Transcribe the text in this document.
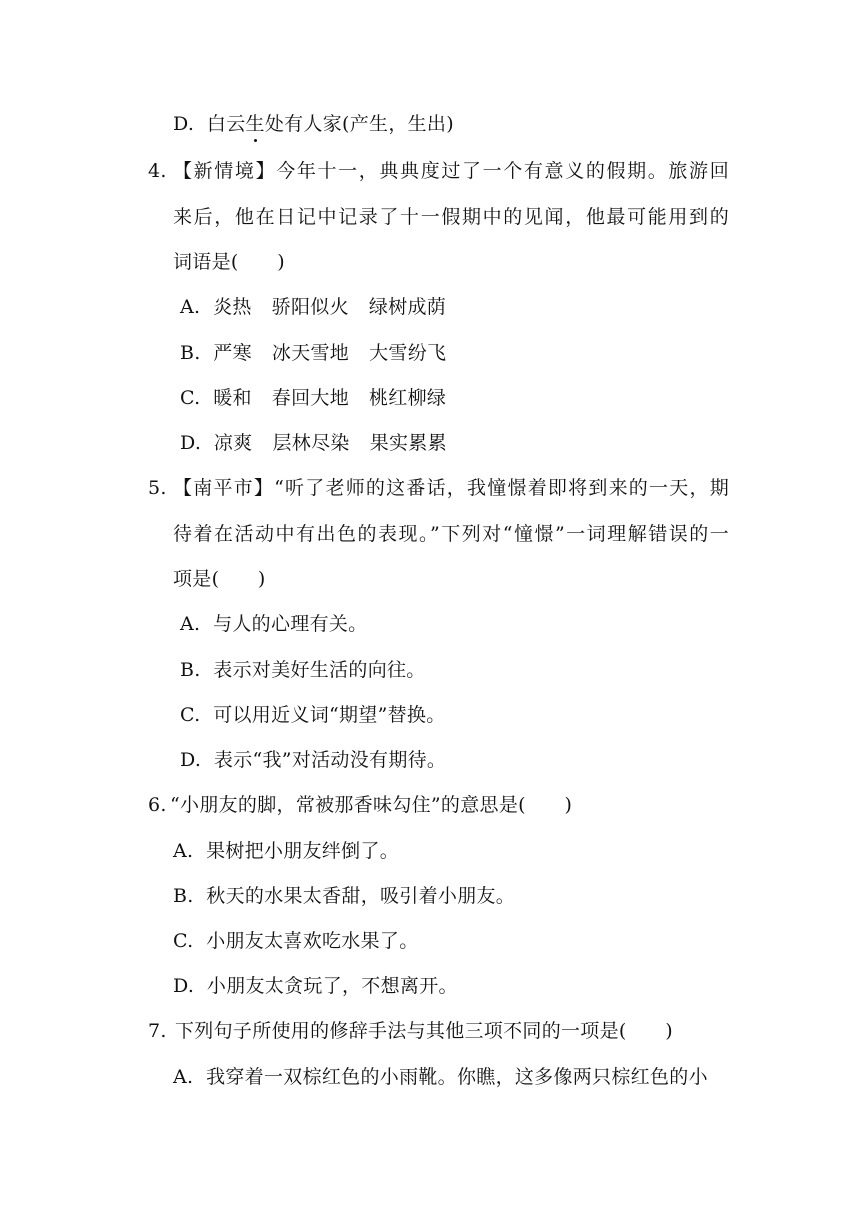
D. 白云生处有人家(产生，生出)
4. 【新情境】今年十一，典典度过了一个有意义的假期。旅游回
来后，他在日记中记录了十一假期中的见闻，他最可能用到的
词语是(　　)
A. 炎热 骄阳似火 绿树成荫
B. 严寒 冰天雪地 大雪纷飞
C. 暖和 春回大地 桃红柳绿
D. 凉爽 层林尽染 果实累累
5. 【南平市】“听了老师的这番话，我憧憬着即将到来的一天，期
待着在活动中有出色的表现。”下列对“憧憬”一词理解错误的一
项是(　　)
A. 与人的心理有关。
B. 表示对美好生活的向往。
C. 可以用近义词“期望”替换。
D. 表示“我”对活动没有期待。
6. “小朋友的脚，常被那香味勾住”的意思是(　　)
A. 果树把小朋友绊倒了。
B. 秋天的水果太香甜，吸引着小朋友。
C. 小朋友太喜欢吃水果了。
D. 小朋友太贪玩了，不想离开。
7. 下列句子所使用的修辞手法与其他三项不同的一项是(　　)
A. 我穿着一双棕红色的小雨靴。你瞧，这多像两只棕红色的小
